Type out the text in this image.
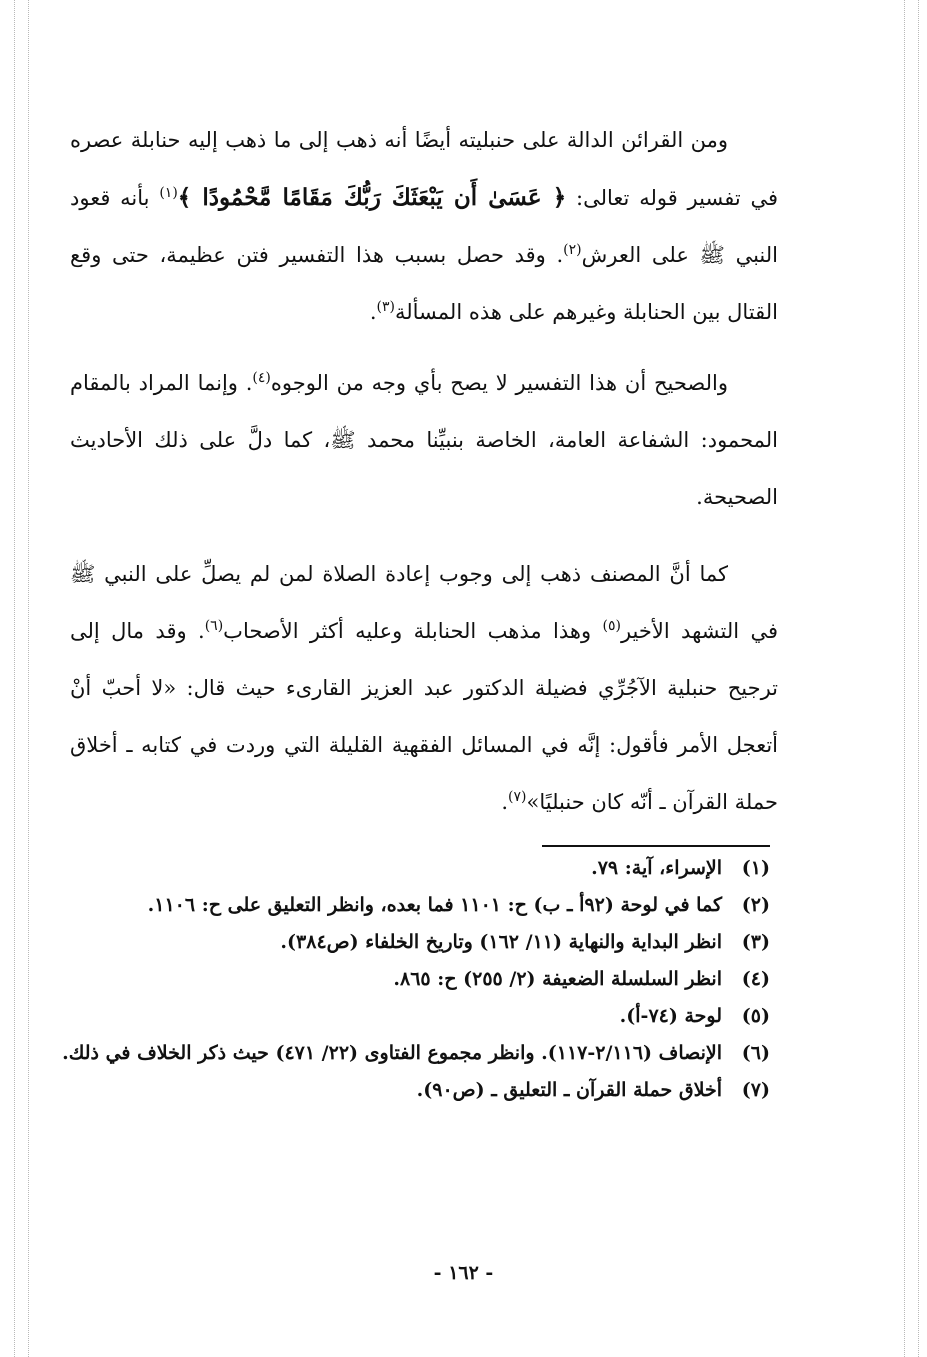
ومن القرائن الدالة على حنبليته أيضًا أنه ذهب إلى ما ذهب إليه حنابلة عصره في تفسير قوله تعالى: ﴿ عَسَىٰ أَن يَبْعَثَكَ رَبُّكَ مَقَامًا مَّحْمُودًا ﴾$^{(١)}$ بأنه قعود النبي ﷺ على العرش$^{(٢)}$. وقد حصل بسبب هذا التفسير فتن عظيمة، حتى وقع القتال بين الحنابلة وغيرهم على هذه المسألة$^{(٣)}$.

والصحيح أن هذا التفسير لا يصح بأي وجه من الوجوه$^{(٤)}$. وإنما المراد بالمقام المحمود: الشفاعة العامة، الخاصة بنبيِّنا محمد ﷺ، كما دلَّ على ذلك الأحاديث الصحيحة.

كما أنَّ المصنف ذهب إلى وجوب إعادة الصلاة لمن لم يصلِّ على النبي ﷺ في التشهد الأخير$^{(٥)}$ وهذا مذهب الحنابلة وعليه أكثر الأصحاب$^{(٦)}$. وقد مال إلى ترجيح حنبلية الآجُرِّي فضيلة الدكتور عبد العزيز القارىء حيث قال: «لا أحبّ أنْ أتعجل الأمر فأقول: إنَّه في المسائل الفقهية القليلة التي وردت في كتابه ـ أخلاق حملة القرآن ـ أنّه كان حنبليًا»$^{(٧)}$.

(١)
الإسراء، آية: ٧٩.
(٢)
كما في لوحة (٩٢أ ـ ب) ح: ١١٠١ فما بعده، وانظر التعليق على ح: ١١٠٦.
(٣)
انظر البداية والنهاية (١١/ ١٦٢) وتاريخ الخلفاء (ص٣٨٤).
(٤)
انظر السلسلة الضعيفة (٢/ ٢٥٥) ح: ٨٦٥.
(٥)
لوحة (٧٤-أ).
(٦)
الإنصاف (٢/١١٦-١١٧). وانظر مجموع الفتاوى (٢٢/ ٤٧١) حيث ذكر الخلاف في ذلك.
(٧)
أخلاق حملة القرآن ـ التعليق ـ (ص٩٠).
- ١٦٢ -
